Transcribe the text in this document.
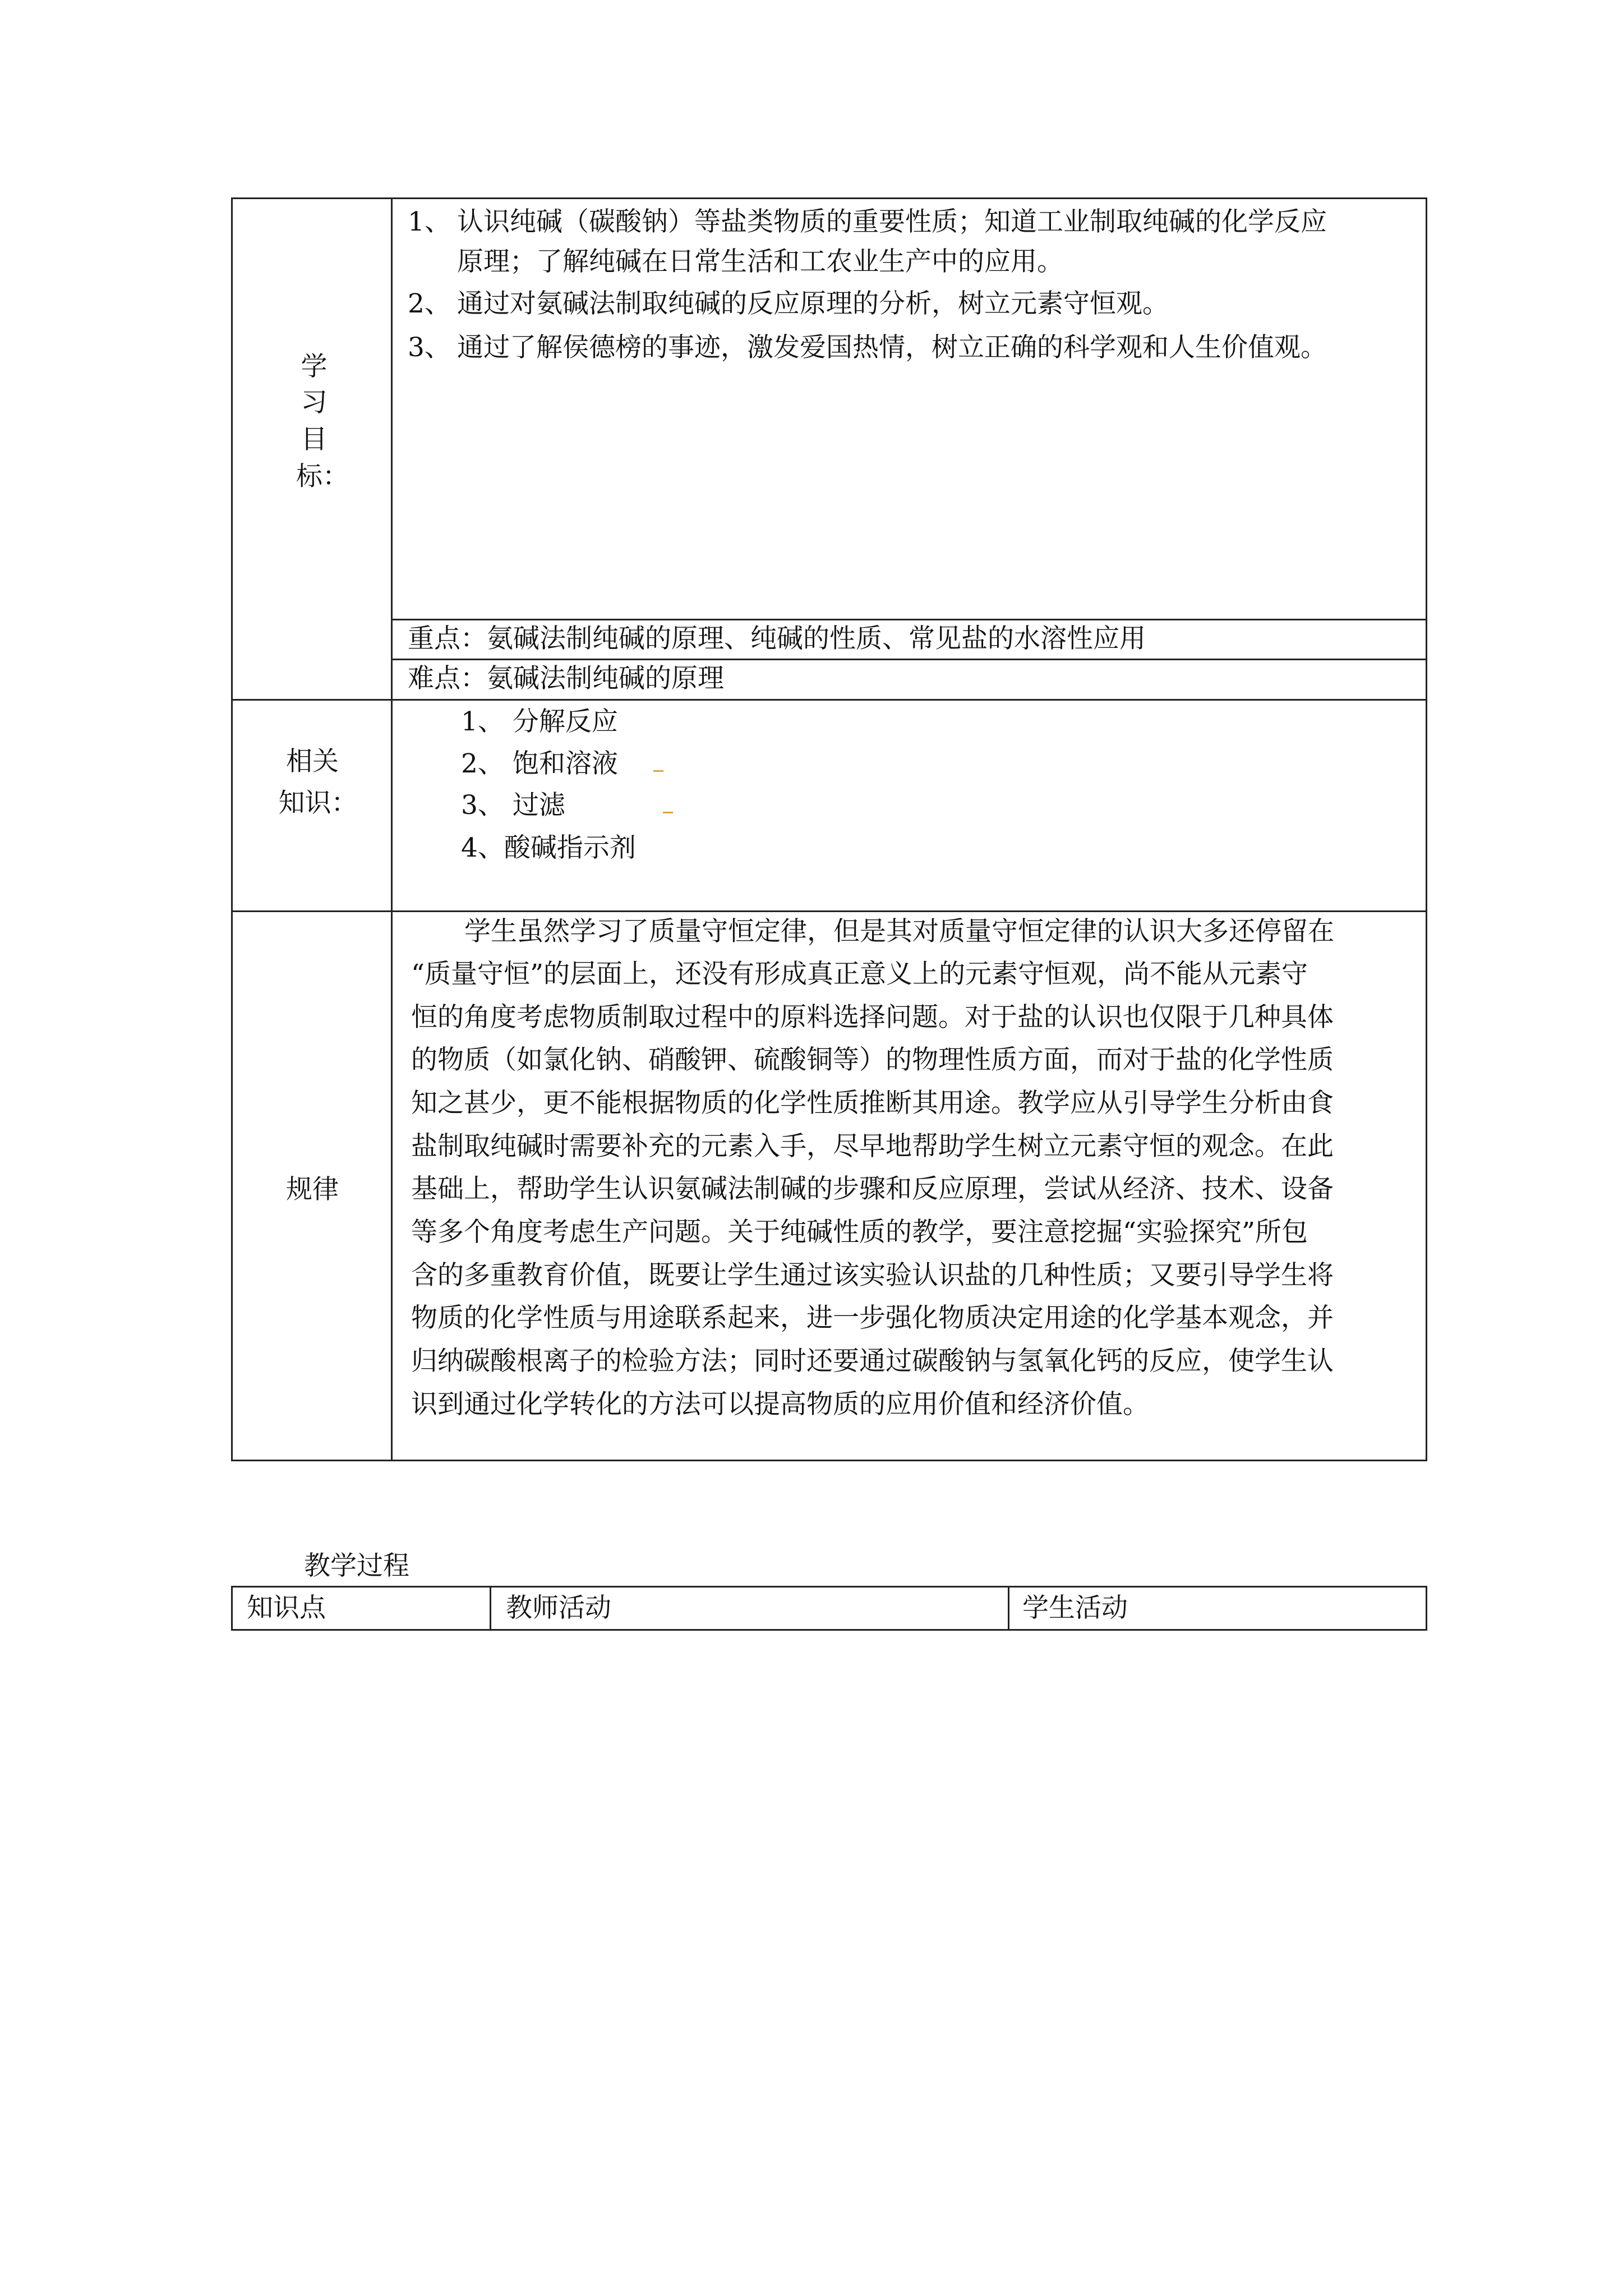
学
习
目
标：
1、 认识纯碱（碳酸钠）等盐类物质的重要性质；知道工业制取纯碱的化学反应
原理；了解纯碱在日常生活和工农业生产中的应用。
2、 通过对氨碱法制取纯碱的反应原理的分析，树立元素守恒观。
3、 通过了解侯德榜的事迹，激发爱国热情，树立正确的科学观和人生价值观。
重点：氨碱法制纯碱的原理、纯碱的性质、常见盐的水溶性应用
难点：氨碱法制纯碱的原理
相关
知识：
1、 分解反应
2、 饱和溶液
3、 过滤
4、酸碱指示剂
规律
学生虽然学习了质量守恒定律，但是其对质量守恒定律的认识大多还停留在
“质量守恒”的层面上，还没有形成真正意义上的元素守恒观，尚不能从元素守
恒的角度考虑物质制取过程中的原料选择问题。对于盐的认识也仅限于几种具体
的物质（如氯化钠、硝酸钾、硫酸铜等）的物理性质方面，而对于盐的化学性质
知之甚少，更不能根据物质的化学性质推断其用途。教学应从引导学生分析由食
盐制取纯碱时需要补充的元素入手，尽早地帮助学生树立元素守恒的观念。在此
基础上，帮助学生认识氨碱法制碱的步骤和反应原理，尝试从经济、技术、设备
等多个角度考虑生产问题。关于纯碱性质的教学，要注意挖掘“实验探究”所包
含的多重教育价值，既要让学生通过该实验认识盐的几种性质；又要引导学生将
物质的化学性质与用途联系起来，进一步强化物质决定用途的化学基本观念，并
归纳碳酸根离子的检验方法；同时还要通过碳酸钠与氢氧化钙的反应，使学生认
识到通过化学转化的方法可以提高物质的应用价值和经济价值。
教学过程
知识点	教师活动	学生活动
